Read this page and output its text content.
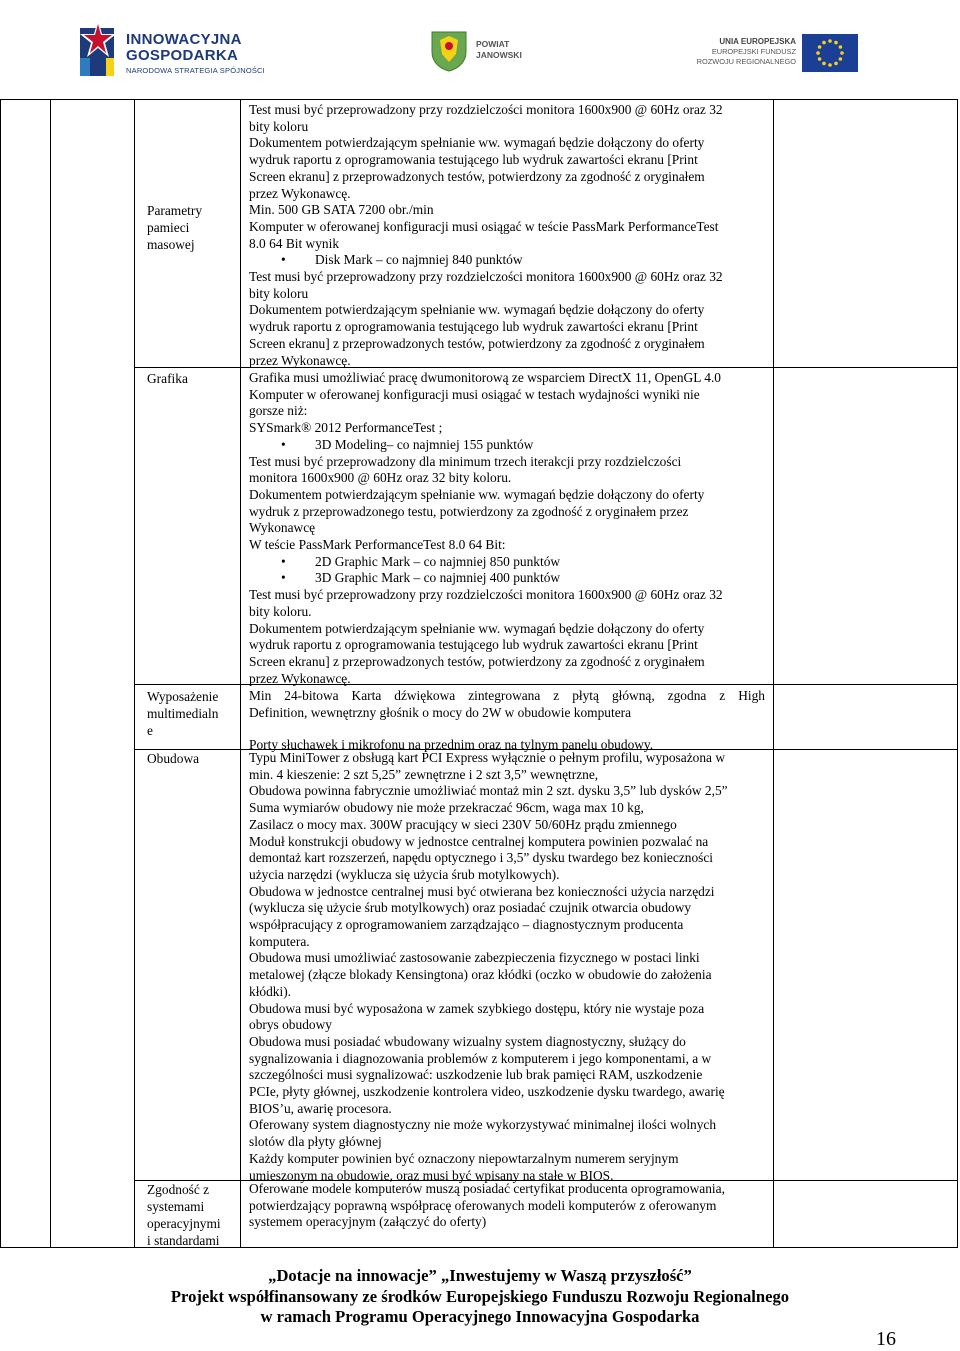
INNOWACYJNA
GOSPODARKA
NARODOWA STRATEGIA SPÓJNOŚCI
POWIAT
JANOWSKI
UNIA EUROPEJSKA
EUROPEJSKI FUNDUSZ
ROZWOJU REGIONALNEGO
Parametry pamieci masowej
Test musi być przeprowadzony przy rozdzielczości monitora 1600x900 @ 60Hz oraz 32
bity koloru
Dokumentem potwierdzającym spełnianie ww. wymagań będzie dołączony do oferty
wydruk raportu z oprogramowania testującego lub wydruk zawartości ekranu [Print
Screen ekranu] z przeprowadzonych testów, potwierdzony za zgodność z oryginałem
przez Wykonawcę.
Min. 500 GB SATA 7200 obr./min
Komputer w oferowanej konfiguracji musi osiągać w teście PassMark PerformanceTest
8.0 64 Bit wynik
• Disk Mark – co najmniej 840 punktów
Test musi być przeprowadzony przy rozdzielczości monitora 1600x900 @ 60Hz oraz 32
bity koloru
Dokumentem potwierdzającym spełnianie ww. wymagań będzie dołączony do oferty
wydruk raportu z oprogramowania testującego lub wydruk zawartości ekranu [Print
Screen ekranu] z przeprowadzonych testów, potwierdzony za zgodność z oryginałem
przez Wykonawcę.
Grafika	Grafika musi umożliwiać pracę dwumonitorową ze wsparciem DirectX 11, OpenGL 4.0
Komputer w oferowanej konfiguracji musi osiągać w testach wydajności wyniki nie
gorsze niż:
SYSmark® 2012 PerformanceTest ;
• 3D Modeling– co najmniej 155 punktów
Test musi być przeprowadzony dla minimum trzech iterakcji przy rozdzielczości
monitora 1600x900 @ 60Hz oraz 32 bity koloru.
Dokumentem potwierdzającym spełnianie ww. wymagań będzie dołączony do oferty
wydruk z przeprowadzonego testu, potwierdzony za zgodność z oryginałem przez
Wykonawcę
W teście PassMark PerformanceTest 8.0 64 Bit:
• 2D Graphic Mark – co najmniej 850 punktów
• 3D Graphic Mark – co najmniej 400 punktów
Test musi być przeprowadzony przy rozdzielczości monitora 1600x900 @ 60Hz oraz 32
bity koloru.
Dokumentem potwierdzającym spełnianie ww. wymagań będzie dołączony do oferty
wydruk raportu z oprogramowania testującego lub wydruk zawartości ekranu [Print
Screen ekranu] z przeprowadzonych testów, potwierdzony za zgodność z oryginałem
przez Wykonawcę.
Wyposażenie
multimedialn
e
Min 24-bitowa Karta dźwiękowa zintegrowana z płytą główną, zgodna z High
Definition, wewnętrzny głośnik o mocy do 2W w obudowie komputera
Porty słuchawek i mikrofonu na przednim oraz na tylnym panelu obudowy.
Obudowa	Typu MiniTower z obsługą kart PCI Express wyłącznie o pełnym profilu, wyposażona w
min. 4 kieszenie: 2 szt 5,25” zewnętrzne i 2 szt 3,5” wewnętrzne,
Obudowa powinna fabrycznie umożliwiać montaż min 2 szt. dysku 3,5” lub dysków 2,5”
Suma wymiarów obudowy nie może przekraczać 96cm, waga max 10 kg,
Zasilacz o mocy max. 300W pracujący w sieci 230V 50/60Hz prądu zmiennego
Moduł konstrukcji obudowy w jednostce centralnej komputera powinien pozwalać na
demontaż kart rozszerzeń, napędu optycznego i 3,5” dysku twardego bez konieczności
użycia narzędzi (wyklucza się użycia śrub motylkowych).
Obudowa w jednostce centralnej musi być otwierana bez konieczności użycia narzędzi
(wyklucza się użycie śrub motylkowych) oraz posiadać czujnik otwarcia obudowy
współpracujący z oprogramowaniem zarządzająco – diagnostycznym producenta
komputera.
Obudowa musi umożliwiać zastosowanie zabezpieczenia fizycznego w postaci linki
metalowej (złącze blokady Kensingtona) oraz kłódki (oczko w obudowie do założenia
kłódki).
Obudowa musi być wyposażona w zamek szybkiego dostępu, który nie wystaje poza
obrys obudowy
Obudowa musi posiadać wbudowany wizualny system diagnostyczny, służący do
sygnalizowania i diagnozowania problemów z komputerem i jego komponentami, a w
szczególności musi sygnalizować: uszkodzenie lub brak pamięci RAM, uszkodzenie
PCIe, płyty głównej, uszkodzenie kontrolera video, uszkodzenie dysku twardego, awarię
BIOS’u, awarię procesora.
Oferowany system diagnostyczny nie może wykorzystywać minimalnej ilości wolnych
slotów dla płyty głównej
Każdy komputer powinien być oznaczony niepowtarzalnym numerem seryjnym
umieszonym na obudowie, oraz musi być wpisany na stałe w BIOS.
Zgodność z
systemami
operacyjnymi
i standardami
Oferowane modele komputerów muszą posiadać certyfikat producenta oprogramowania,
potwierdzający poprawną współpracę oferowanych modeli komputerów z oferowanym
systemem operacyjnym (załączyć do oferty)
„Dotacje na innowacje” „Inwestujemy w Waszą przyszłość”
Projekt współfinansowany ze środków Europejskiego Funduszu Rozwoju Regionalnego
w ramach Programu Operacyjnego Innowacyjna Gospodarka
16
